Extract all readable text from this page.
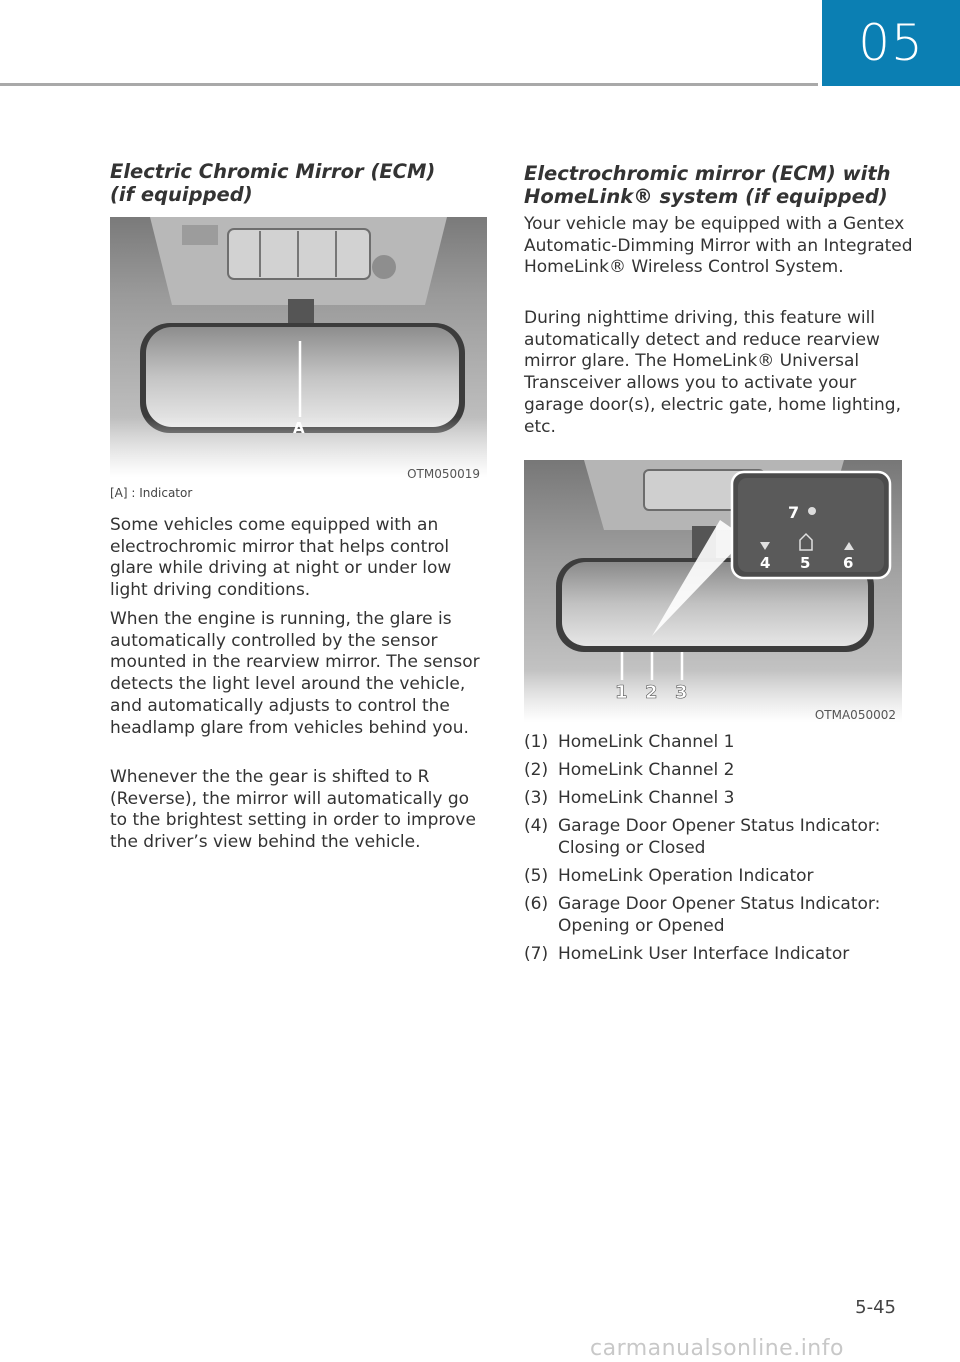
05
Electric Chromic Mirror (ECM)
(if equipped)
OTM050019
[A] : Indicator

Some vehicles come equipped with an electrochromic mirror that helps control glare while driving at night or under low light driving conditions.

When the engine is running, the glare is automatically controlled by the sensor mounted in the rearview mirror. The sensor detects the light level around the vehicle, and automatically adjusts to control the headlamp glare from vehicles behind you.

Whenever the the gear is shifted to R (Reverse), the mirror will automatically go to the brightest setting in order to improve the driver’s view behind the vehicle.

Electrochromic mirror (ECM) with
HomeLink® system (if equipped)

Your vehicle may be equipped with a Gentex Automatic-Dimming Mirror with an Integrated HomeLink® Wireless Control System.

During nighttime driving, this feature will automatically detect and reduce rearview mirror glare. The HomeLink® Universal Transceiver allows you to activate your garage door(s), electric gate, home lighting, etc.

1 2 3
7
4 5 6
OTMA050002
(1) HomeLink Channel 1
(2) HomeLink Channel 2
(3) HomeLink Channel 3
(4) Garage Door Opener Status Indicator: Closing or Closed
(5) HomeLink Operation Indicator
(6) Garage Door Opener Status Indicator: Opening or Opened
(7) HomeLink User Interface Indicator
5-45
carmanualsonline.info
